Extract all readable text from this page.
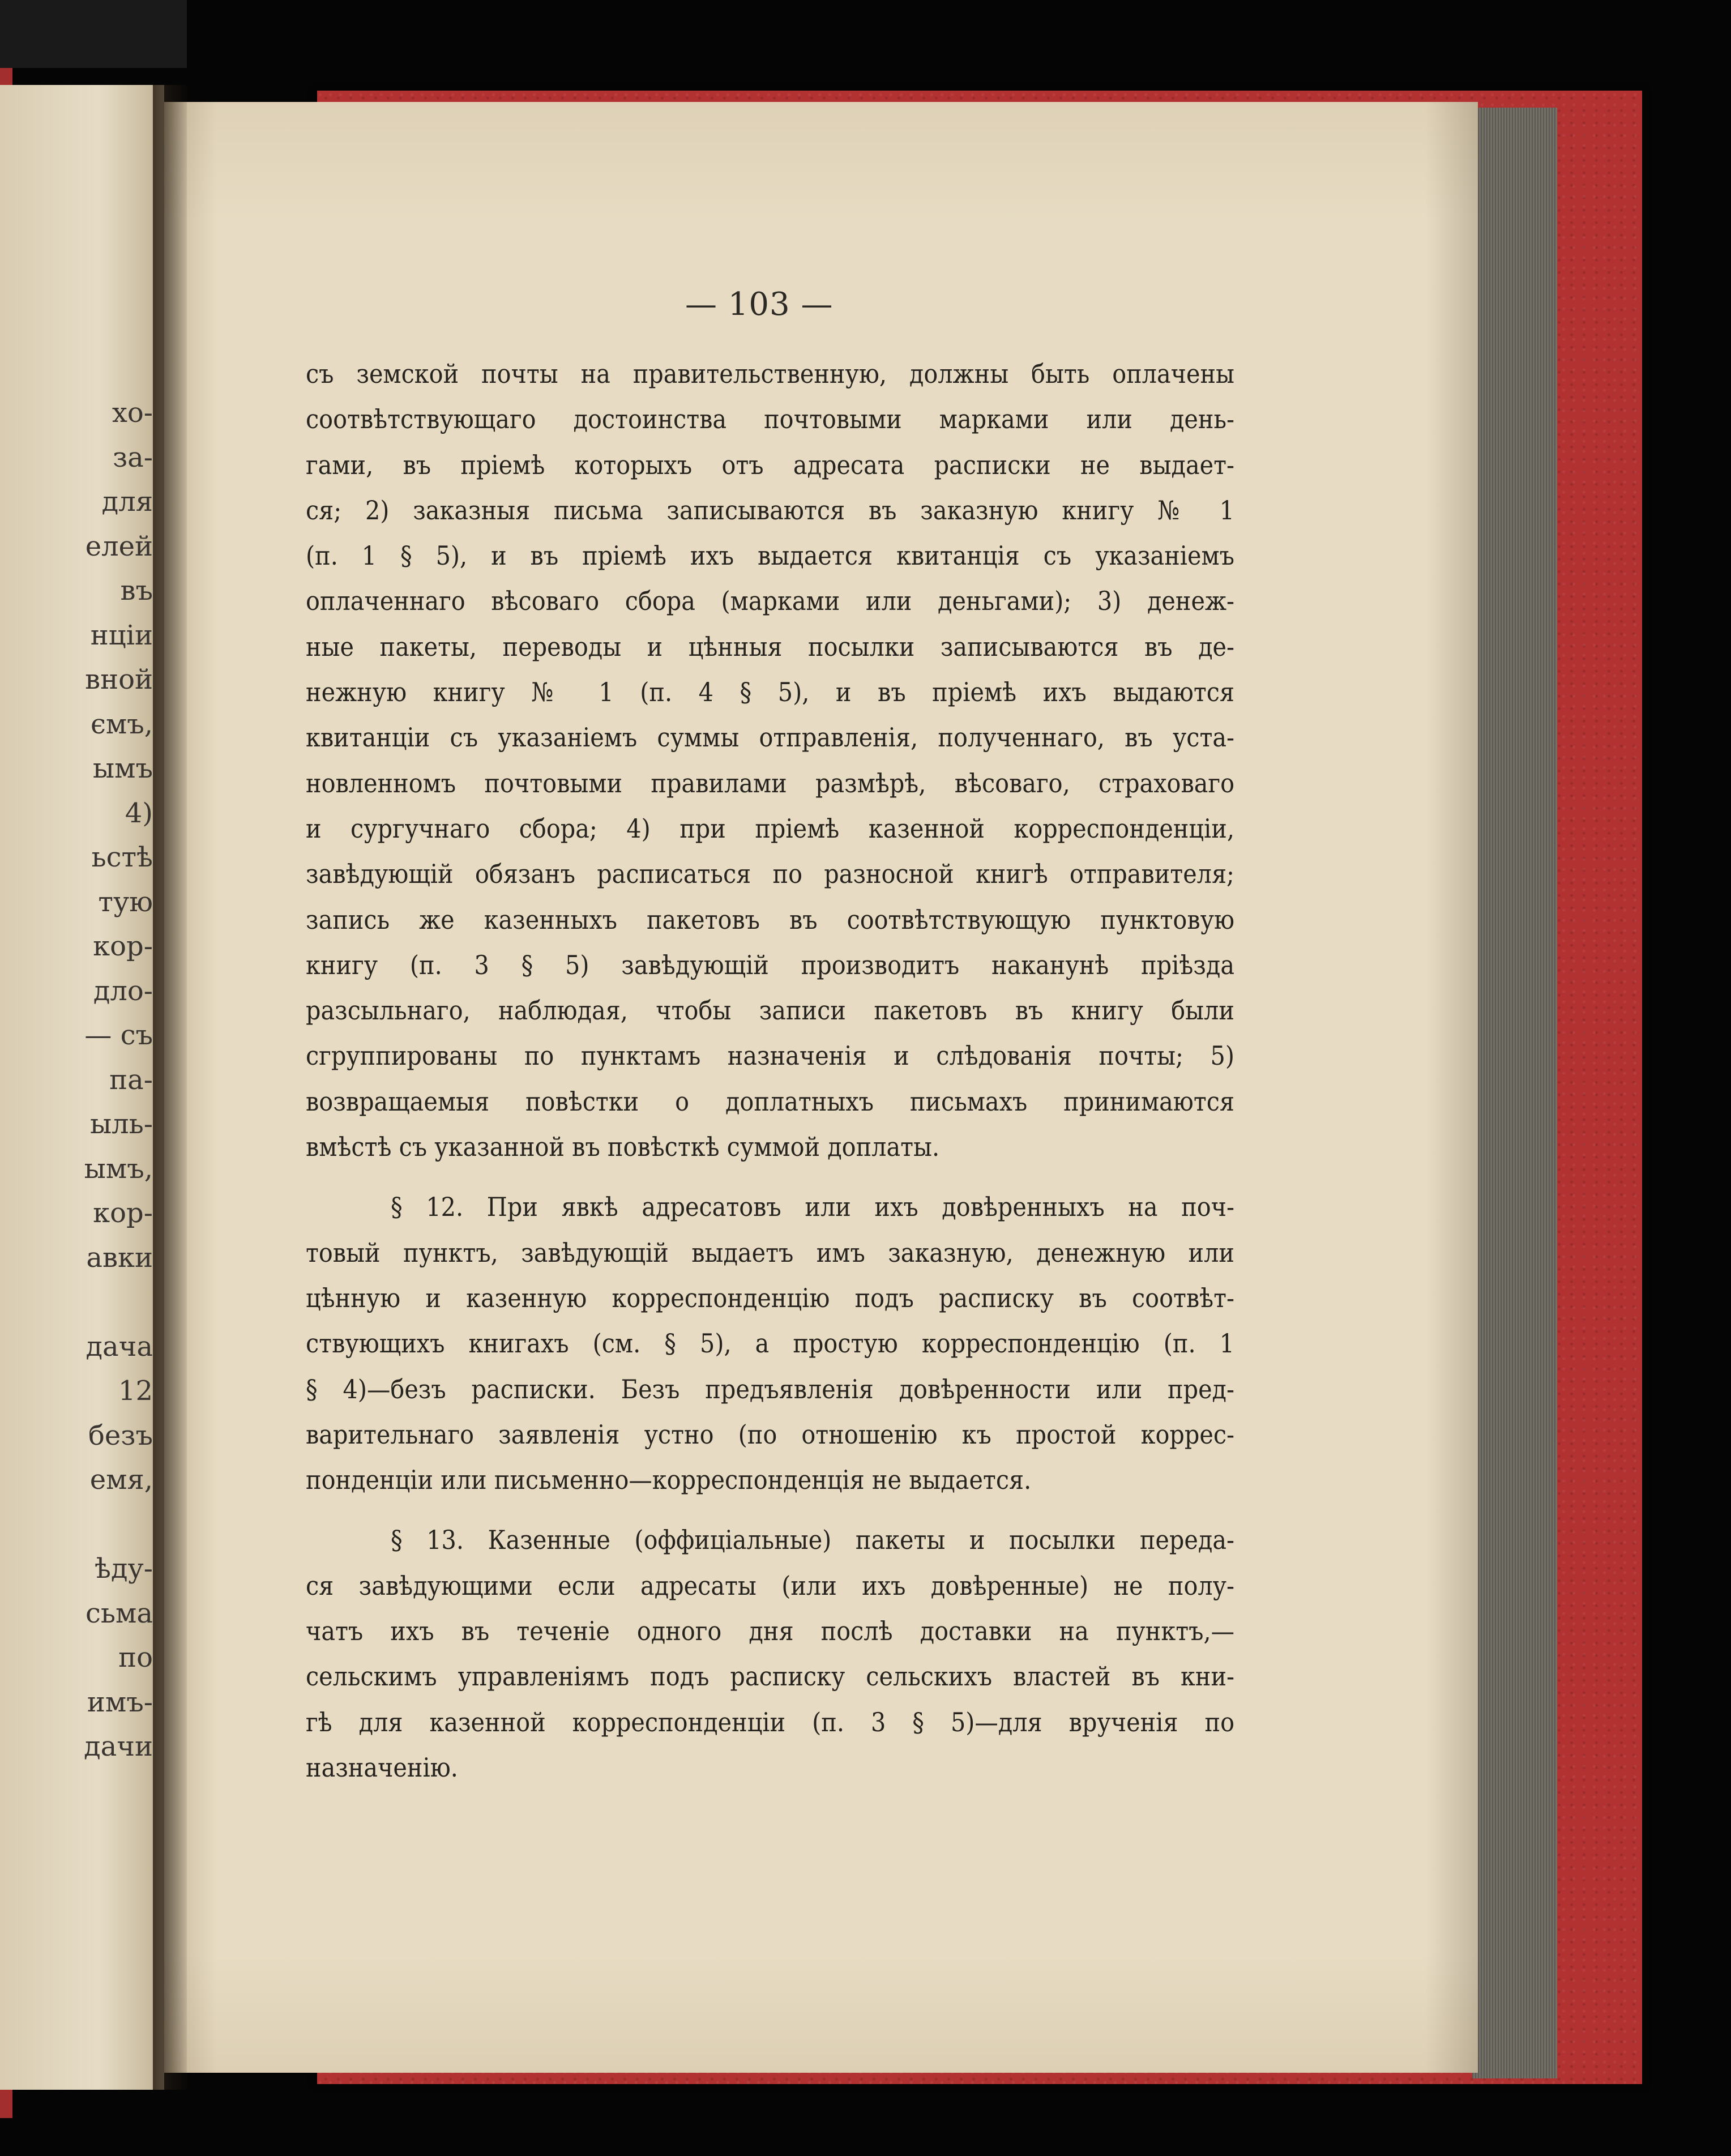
хо-
за-
для
елей
въ
нціи
вной
ємъ,
ымъ
4)
ьстѣ
тую
кор-
дло-
— съ
па-
ыль-
ымъ,
кор-
авки
дача
12
безъ
емя,
ѣду-
сьма
по
имъ-
дачи
— 103 —
съ земской почты на правительственную, должны быть оплачены
соотвѣтствующаго достоинства почтовыми марками или день-
гами, въ пріемѣ которыхъ отъ адресата расписки не выдает-
ся; 2) заказныя письма записываются въ заказную книгу № 1
(п. 1 § 5), и въ пріемѣ ихъ выдается квитанція съ указаніемъ
оплаченнаго вѣсоваго сбора (марками или деньгами); 3) денеж-
ные пакеты, переводы и цѣнныя посылки записываются въ де-
нежную книгу № 1 (п. 4 § 5), и въ пріемѣ ихъ выдаются
квитанціи съ указаніемъ суммы отправленія, полученнаго, въ уста-
новленномъ почтовыми правилами размѣрѣ, вѣсоваго, страховаго
и сургучнаго сбора; 4) при пріемѣ казенной корреспонденціи,
завѣдующій обязанъ расписаться по разносной книгѣ отправителя;
запись же казенныхъ пакетовъ въ соотвѣтствующую пунктовую
книгу (п. 3 § 5) завѣдующій производитъ наканунѣ пріѣзда
разсыльнаго, наблюдая, чтобы записи пакетовъ въ книгу были
сгруппированы по пунктамъ назначенія и слѣдованія почты; 5)
возвращаемыя повѣстки о доплатныхъ письмахъ принимаются
вмѣстѣ съ указанной въ повѣсткѣ суммой доплаты.
§ 12. При явкѣ адресатовъ или ихъ довѣренныхъ на поч-
товый пунктъ, завѣдующій выдаетъ имъ заказную, денежную или
цѣнную и казенную корреспонденцію подъ расписку въ соотвѣт-
ствующихъ книгахъ (см. § 5), а простую корреспонденцію (п. 1
§ 4)—безъ расписки. Безъ предъявленія довѣренности или пред-
варительнаго заявленія устно (по отношенію къ простой коррес-
понденціи или письменно—корреспонденція не выдается.
§ 13. Казенные (оффиціальные) пакеты и посылки переда-
ся завѣдующими если адресаты (или ихъ довѣренные) не полу-
чатъ ихъ въ теченіе одного дня послѣ доставки на пунктъ,—
сельскимъ управленіямъ подъ расписку сельскихъ властей въ кни-
гѣ для казенной корреспонденціи (п. 3 § 5)—для врученія по
назначенію.
